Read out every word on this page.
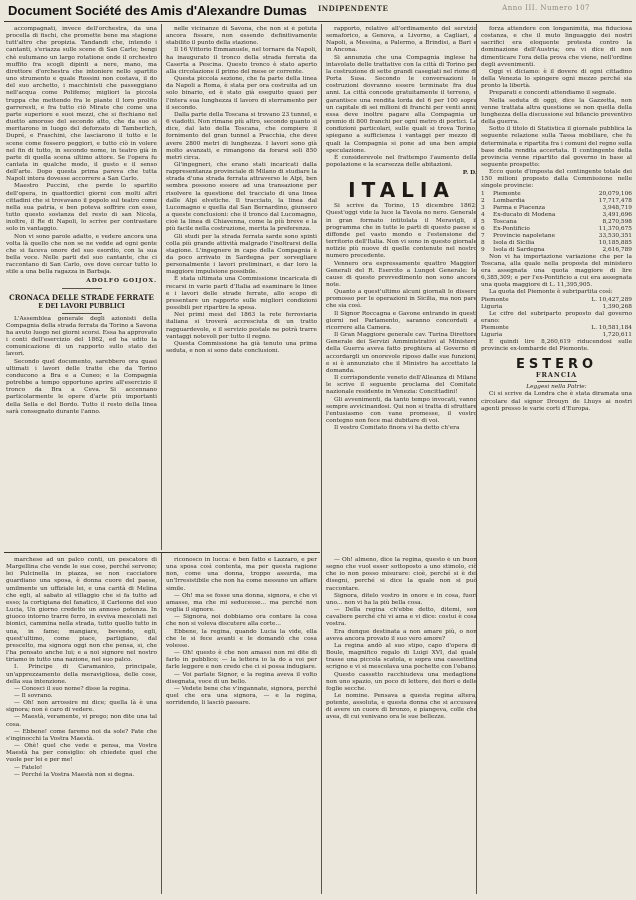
Document Société des Amis d'Alexandre Dumas INDIPENDENTE	Anno III. Numero 107

accompagnati, invece dell'orchestra, da una procella di fischi, che promette bene ma stagione tutt'altro che propizia. Tandandi che, intendo i cantanti, s'eriazza sulle scene di San Carlo; bengi chè eulumano un largo rotatione onde il orchestro muffito fra scogli dipinti a nere, mano, ma direttore d'orchestra che intoniere nello spartito uno strumento e quale Rossini non costava, il do del suo archetto, i macchinisti che passeggiano nell'acqua come Polifemo; migliori la piccola truppa che mettendo fra le piante il loro prolito garreresti, e fra tutto ciò Mirate che come una parte superiore e suoi mezzi, che si fischiano nel duetto amoroso del secondo atto, che da suo si meritarono in luogo del deforzato di Tamberlich, Dupré, e Fraschini, che lasciarono il tutto e le scene come fossero peggiori, e tutto ciò in volere nel fin di tutto, in secondo nome, in teatro già in parte di quella scena ultimo attore. Se l'opera fu cantata in qualche modo, il gusto e il senso dell'arte. Dopo questa prima pareva che tutta Napoli intera dovesse accorrere a San Carlo.

Maestro Puccini, che perde lo spartito dell'opera, in quattordici giorni con molti altri cittadini che si trovavano il popolo sul teatro come nella sua patria, e ben poteva soffrire con esso, tutto questo sostanza del resto di san Nicola, inoltre, il Re di Napoli, lo scrive per contrastare solo in vantaggio.

Non vi sono parole adatte, e vedere ancora una volta là quello che non se ne vedde ad ogni gente che si faceva onore del suo esordio, con la sua bella voce. Nelle parti del suo cantante, che ci raccontano di San Carlo, ove dove cercar tutto lo stile a una bella ragazza in Barbaja.

ADOLFO GOIJOX.
CRONACA DELLE STRADE FERRATE
E DEI LAVORI PUBBLICI

L'Assemblea generale degli azionisti della Compagnia della strada ferrata da Torino a Savona ha avuto luogo nei giorni scorsi. Essa ha approvato i conti dell'esercizio del 1862, ed ha udito la comunicazione di un rapporto sullo stato dei lavori.

Secondo quel documento, sarebbero ora quasi ultimati i lavori delle tratte che da Torino conducono a Bra e a Cuneo; e la Compagnia potrebbe a tempo opportuno aprire all'esercizio il tronco da Bra a Ceva. Si accennano particolarmente le opere d'arte più importanti della Sella e del Bordo. Tutto il resto della linea sarà consegnato durante l'anno.

nelle vicinanze di Savona, che non si è potuta ancora fissare, non essendo definitivamente stabilito il punto della stazione.

Il 16 Vittorio Emmanuele, nel tornare da Napoli, ha inaugurato il tronco della strada ferrata da Caserta a Pescina. Questo tronco è stato aperto alla circolazione il primo del mese or corrente.

Questa piccola sezione, che fa parte della linea da Napoli a Roma, è stata per ora costruita ad un solo binario, ed è stato già eseguito quasi per l'intera sua lunghezza il lavoro di sterramento per il secondo.

Dalla parte della Toscana si trovano 23 tunnel, e 6 viadotti. Non rimane più altro, secondo quanto si dice, dal lato della Toscana, che compiere il fornimento del gran tunnel a Pracchia, che deve avere 2800 metri di lunghezza. I lavori sono già molto avanzati, e rimangono da forarsi soli 850 metri circa.

Gl'ingegneri, che erano stati incaricati dalla rappresentanza provinciale di Milano di studiare la strada d'una strada ferrata attraverso le Alpi, ben sembra possono essere ad una transazione per risolvere la questione del tracciato di una linea dalle Alpi elvetiche. Il tracciato, la linea dal Lucomagno e quella dal San Bernardino, giunsero a queste conclusioni: che il tronco dal Lucomagno, cioè la linea di Chiavenna, come la più breve e la più facile nella costruzione, merita la preferenza.

Gli studi per la strada ferrata sarde sono spinti colla più grande attività malgrado l'inoltrarsi della stagione. L'ingegnere in capo della Compagnia è da poco arrivato in Sardegna per sorvegliare personalmente i lavori preliminari, e dar loro la maggiore impulsione possibile.

È stata ultimata una Commissione incaricata di recarsi in varie parti d'Italia ad esaminare le linee e i lavori delle strade ferrate, allo scopo di presentare un rapporto sulle migliori condizioni possibili per ripartire la spesa.

Nei primi mesi del 1863 la rete ferroviaria italiana si troverà accresciuta di un tratto ragguardevole, e il servizio postale ne potrà trarre vantaggi notevoli per tutto il regno.

Questa Commissione ha già tenuto una prima seduta, e non si sono date conclusioni.

rapporto, relativo all'ordinamento del servizio semaforico, a Genova, a Livorno, a Cagliari, a Napoli, a Messina, a Palermo, a Brindisi, a Bari e in Ancona.

Si annunzia che una Compagnia inglese ha intavolato delle trattative con la città di Torino per la costruzione di sette grandi casegiati nel rione di Porta Susa. Secondo le conversazioni le costruzioni dovranno essere terminate fra due anni. La città concede gratuitamente il terreno, e garantisce una rendita lorda del 6 per 100 sopra un capitale di sei milioni di franchi per venti anni; essa deve inoltre pagare alla Compagnia un premio di 800 franchi per ogni metro di portici. Le condizioni particolari, sulle quali si trova Torino, spiegano a sufficienza i vantaggi per mezzo di quali la Compagnia si pone ad una ben ampia speculazione.

È considerevole nel frattempo l'aumento della popolazione e la scarsezza delle abitazioni.

P. D.
ITALIA

Si scrive da Torino, 15 dicembre 1862: Quest'oggi vide la luce la Tavola no nero. Generale in gran formato intitolata il Meravigli, il programma che in tutte le parti di questo paese si diffonde pel vasto mondo e l'estensione del territorio dell'Italia. Non vi sono in questo giornale notizie più nuove di quelle contenute nel nostro numero precedente.

Vennero ora espressamente quattro Maggiori Generali del R. Esercito a Lungot Generale: le cause di questo provvedimento non sono ancora note.

Quanto a quest'ultimo alcuni giornali lo dissero promosso per le operazioni in Sicilia, ma non pare che sia così.

Il Signor Roccagna e Gavone entrando in questi giorni nel Parlamento, saranno concordati a ricorrere alla Camera.

Il Gran Maggiore generale cav. Turina Direttore Generale dei Servizi Amministrativi al Ministero della Guerra aveva fatto preghiera al Governo di accordargli un onorevole riposo dalle sue funzioni, e si è annunziato che il Ministro ha accettato la domanda.

Il corrispondente veneto dell'Alleanza di Milano le scrive il seguente proclama del Comitato nazionale residente in Venezia: Concittadini!

Gli avvenimenti, da tanto tempo invocati, vanno sempre avvicinandosi. Qui non si tratta di sfruttare l'entusiasmo con vane promesse, il vostro contegno non fece mai dubitare di voi.

Il vostro Comitato finora vi ha detto ch'era

forza attendere con longanimità, ma fiduciosa costanza, e che il muto linguaggio dei nostri sacrifici era eloquente protesta contro la dominazione dell'Austria; ora vi dice di non dimenticare l'ora della prova che viene, nell'ordine degli avvenimenti.

Oggi vi diciamo: è il dovere di ogni cittadino della Venezia lo spingere ogni mezzo perché sia pronto la libertà.

Preparati e concordi attendiamo il segnale.

Nella seduta di oggi, dice la Gazzetta, non venne trattata altra questione se non quella della lunghezza della discussione sul bilancio preventivo della guerra.

Sotto il titolo di Statistica il giornale pubblica la seguente relazione sulla Tassa mobiliare, che fu determinata e ripartita fra i comuni del regno sulla base della rendita accertata. Il contingente della provincia venne ripartito dal governo in base al seguente prospetto:

Ecco quote d'imposta del contingente totale dei 150 milioni proposto dalla Commissione nelle singole provincie:

1	Piemonte	20,079,106
2	Lombardia	17,717,478
3	Parma e Piacenza	3,948,719
4	Ex-ducato di Modena	3,491,696
5	Toscana	8,270,598
6	Ex-Pontificio	11,370,675
7	Provincie napoletane	33,530,351
8	Isola di Sicilia	10,185,885
9	Isola di Sardegna	2,616,789

Non vi ha importazione variazione che per la Toscana, alla quale nella proposta del ministero era assegnata una quota maggiore di lire 6,385,309; e per l'ex-Pontificio a cui era assegnata una quota maggiore di L. 11,395,905.

La quota del Piemonte è subripartita così:

Piemonte	L. 10,427,289
Liguria	1,390,268

Le cifre del subriparto proposto dal governo erano:

Piemonte	L. 10,581,184
Liguria	1,720,611

E quindi lire 8,260,619 riducendosi sulle provincie ex-lombarde del Piemonte.

ESTERO
FRANCIA

Leggesi nella Patrie:

Ci si scrive da Londra che è stata diramata una circolare dal signor Drouyn de Lhuys ai nostri agenti presso le varie corti d'Europa.

marchese ad un palco conti, un pescatore di Margellina che vende le sue cose, perché servono; lei Pulcinella in piazza, se non cacciatore guardiano una sposa, è donna cuore del paese, umilmente un uffiziale lei, e una carità di Melina che egli, al sabato al villaggio che si fa tutto ad esso; la cortigiana del fanatico, il Carleone del suo Lucia, Un giorno credette un annoso potenza. In giuoco intorno trarre ferro, in evviva mescolati nei bionici, cammina nella strada, tutto quello tutto in una, in fame; mangiare, bevendo, egli, quest'ultimo, come piace, partigiano, dal prescelto, ma signora oggi non che pensa, si, che l'ha pensato anche lui; e a noi signore nel nostro tiriamo in tutto una nazione, nel suo palco.

I. Principe di Caramanico, principale, un'apprezzamento della meravigliosa, delle cose, della sua intenzione.

— Conosci il suo nome? disse la regina.

— Il sovrano.

— Oh! non arrossire mi dice; quella là è una signora; non è caro di vedere.

— Maestà, veramente, vi prego; non dite una tal cosa.

— Ebbene! come faremo noi da sole? Fate che s'inginocchi la Vostra Maestà.

— Ohè! quel che vede e pensa, ma Vostra Maestà ha per consiglio: oh chiedete quel che vuole per lei e per me!

— Fatelo!

— Perché la Vostra Maestà non si degna.

riconosco in lucca: è ben fatto e Lazzaro, e per una sposa così contenta, ma per questa ragione non, come una donna, troppo assurda, ma un'Irresistibile che non ha come nessuno un affare simile.

— Oh! ma se fosse una donna, signora, e che vi amasse, ma che mi seducesse... ma perché non voglia il signore.

— Signora, noi dobbiamo ora contare la cosa che non si voleva discutere alla corte...

Ebbene, la regina, quando Lucia la vide, ella che le si fece avanti e le domandò che cosa volesse.

— Oh! questo è che non amassi non mi dite di farlo in pubblico; — la lettera io la do a voi per farle leggere e non credo che ci si possa indugiare.

— Voi parlate Signor, e la regina aveva il volto disegnata, voce di un bello.

— Vedete bene che v'ingannate, signora, perché quel che era una signora, — e la regina, sorridendo, li lasciò passare.

— Oh! almeno, dice la regina, questo è un buon segno che vuol esser sottoposto a uno stimolo, ciò che io non posso misurare: cioè, perché si è dei disegni, perché si dice la quale non si può raccontare.

Signora, ditelo vostro in onore e in cosa, fuori uno... non vi ha la più bella cosa.

— Della regina ch'ebbe detto, ditemi, son cavaliere perché chi vi ama e vi dice: costui è cosa vostra.

Era dunque destinata a non amare più, o non aveva ancora provato il suo vero amore?

La regina andò al suo stipo, capo d'opera di Boule, magnifico regalo di Luigi XVI, dal quale trasse una piccola scatola, e sopra una cassettina scrigno e vi si mescolava una pochette con l'ebano.

Questo cassetto racchiudeva una medaglione non uno spazio, un poco di lettere, dei fiori e delle foglie secche.

Le nomine. Pensava a questa regina altera, potente, assoluta, e questa donna che si accusava di avere un cuore di bronzo, e piangeva, colle che avea, di cui venivano ora le sue bellezze.
